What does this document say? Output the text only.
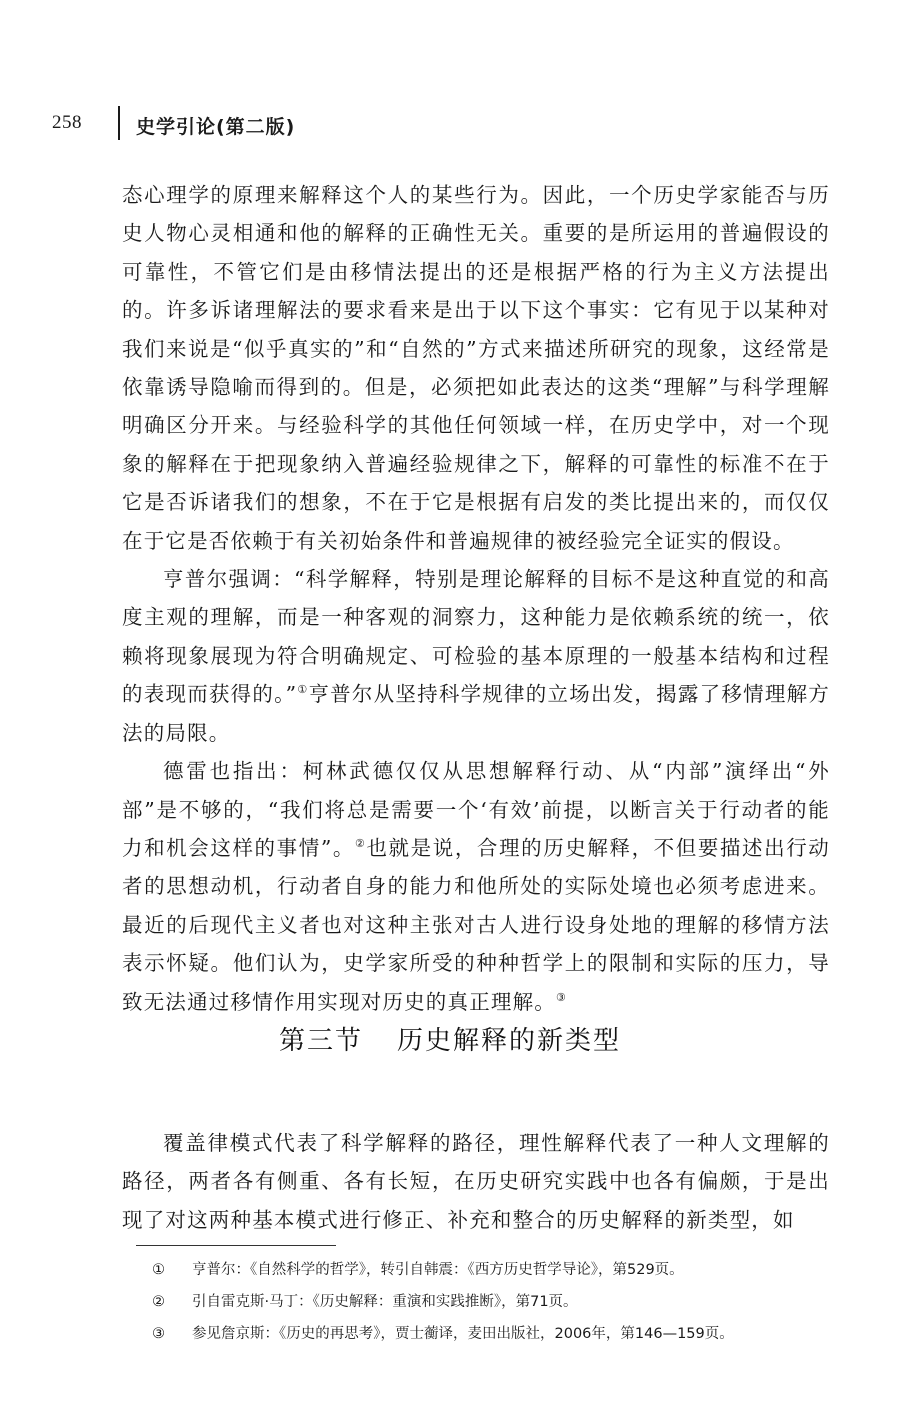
258	史学引论(第二版)

态心理学的原理来解释这个人的某些行为。因此，一个历史学家能否与历史人物心灵相通和他的解释的正确性无关。重要的是所运用的普遍假设的可靠性，不管它们是由移情法提出的还是根据严格的行为主义方法提出的。许多诉诸理解法的要求看来是出于以下这个事实：它有见于以某种对我们来说是“似乎真实的”和“自然的”方式来描述所研究的现象，这经常是依靠诱导隐喻而得到的。但是，必须把如此表达的这类“理解”与科学理解明确区分开来。与经验科学的其他任何领域一样，在历史学中，对一个现象的解释在于把现象纳入普遍经验规律之下，解释的可靠性的标准不在于它是否诉诸我们的想象，不在于它是根据有启发的类比提出来的，而仅仅在于它是否依赖于有关初始条件和普遍规律的被经验完全证实的假设。

亨普尔强调：“科学解释，特别是理论解释的目标不是这种直觉的和高度主观的理解，而是一种客观的洞察力，这种能力是依赖系统的统一，依赖将现象展现为符合明确规定、可检验的基本原理的一般基本结构和过程的表现而获得的。”①亨普尔从坚持科学规律的立场出发，揭露了移情理解方法的局限。

德雷也指出：柯林武德仅仅从思想解释行动、从“内部”演绎出“外部”是不够的，“我们将总是需要一个‘有效’前提，以断言关于行动者的能力和机会这样的事情”。②也就是说，合理的历史解释，不但要描述出行动者的思想动机，行动者自身的能力和他所处的实际处境也必须考虑进来。最近的后现代主义者也对这种主张对古人进行设身处地的理解的移情方法表示怀疑。他们认为，史学家所受的种种哲学上的限制和实际的压力，导致无法通过移情作用实现对历史的真正理解。③

第三节 历史解释的新类型

覆盖律模式代表了科学解释的路径，理性解释代表了一种人文理解的路径，两者各有侧重、各有长短，在历史研究实践中也各有偏颇，于是出现了对这两种基本模式进行修正、补充和整合的历史解释的新类型，如

① 亨普尔：《自然科学的哲学》，转引自韩震：《西方历史哲学导论》，第529页。
② 引自雷克斯·马丁：《历史解释：重演和实践推断》，第71页。
③ 参见詹京斯：《历史的再思考》，贾士蘅译，麦田出版社，2006年，第146—159页。
